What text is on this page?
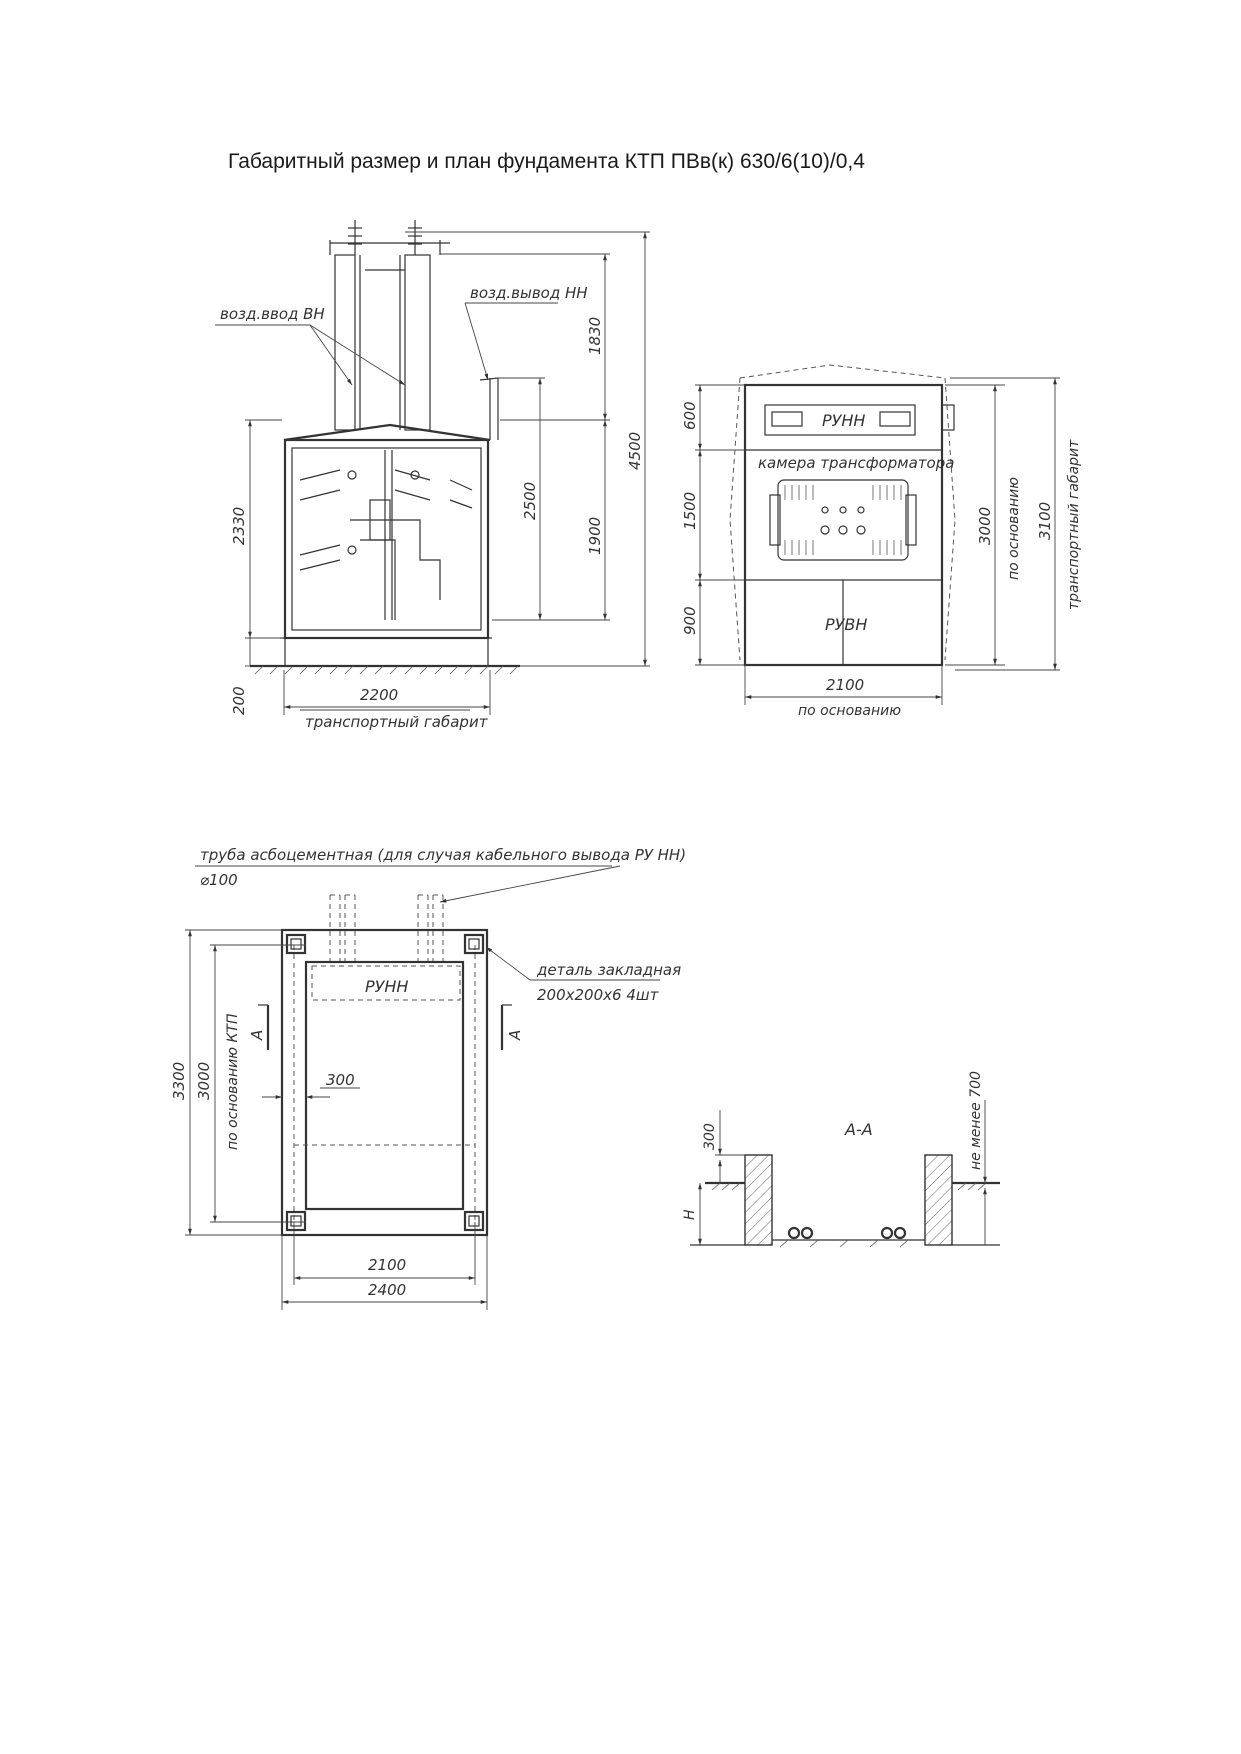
Габаритный размер и план фундамента КТП ПВв(к) 630/6(10)/0,4
возд.ввод ВН
возд.вывод НН
4500
1830
2500
1900
2330
200	2200
транспортный габарит
РУНН
камера трансформатора
РУВН
600
1500
900
3000 по основанию 3100 транспортный габарит
2100
по основанию
труба асбоцементная (для случая кабельного вывода РУ НН)
⌀100
РУНН
деталь закладная
200x200x6 4шт
А	А
300
3300 3000 по основанию КТП
2100
2400
А-А
300
H
не менее 700
